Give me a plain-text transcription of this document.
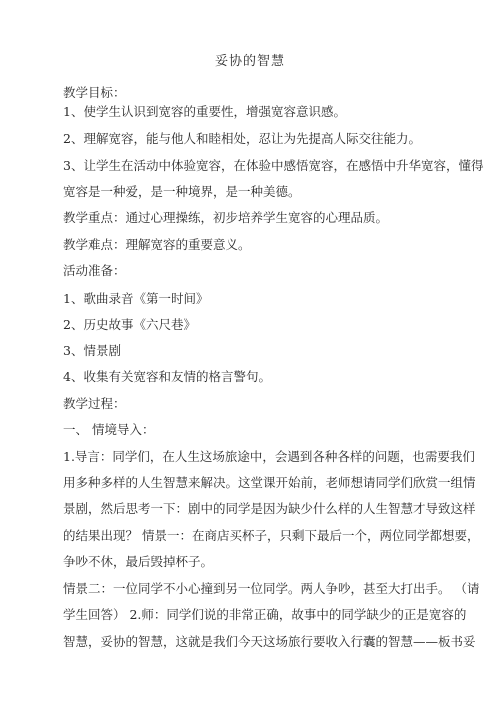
妥协的智慧
教学目标：
1、使学生认识到宽容的重要性，增强宽容意识感。
2、理解宽容，能与他人和睦相处，忍让为先提高人际交往能力。
3、让学生在活动中体验宽容，在体验中感悟宽容，在感悟中升华宽容，懂得
宽容是一种爱，是一种境界，是一种美德。
教学重点：通过心理操练，初步培养学生宽容的心理品质。
教学难点：理解宽容的重要意义。
活动准备：
1、歌曲录音《第一时间》
2、历史故事《六尺巷》
3、情景剧
4、收集有关宽容和友情的格言警句。
教学过程：
一、 情境导入：
1.导言：同学们，在人生这场旅途中，会遇到各种各样的问题，也需要我们
用多种多样的人生智慧来解决。这堂课开始前，老师想请同学们欣赏一组情
景剧，然后思考一下：剧中的同学是因为缺少什么样的人生智慧才导致这样
的结果出现？ 情景一：在商店买杯子，只剩下最后一个，两位同学都想要，
争吵不休，最后毁掉杯子。
情景二：一位同学不小心撞到另一位同学。两人争吵，甚至大打出手。 （请
学生回答） 2.师：同学们说的非常正确，故事中的同学缺少的正是宽容的
智慧，妥协的智慧，这就是我们今天这场旅行要收入行囊的智慧——板书妥
